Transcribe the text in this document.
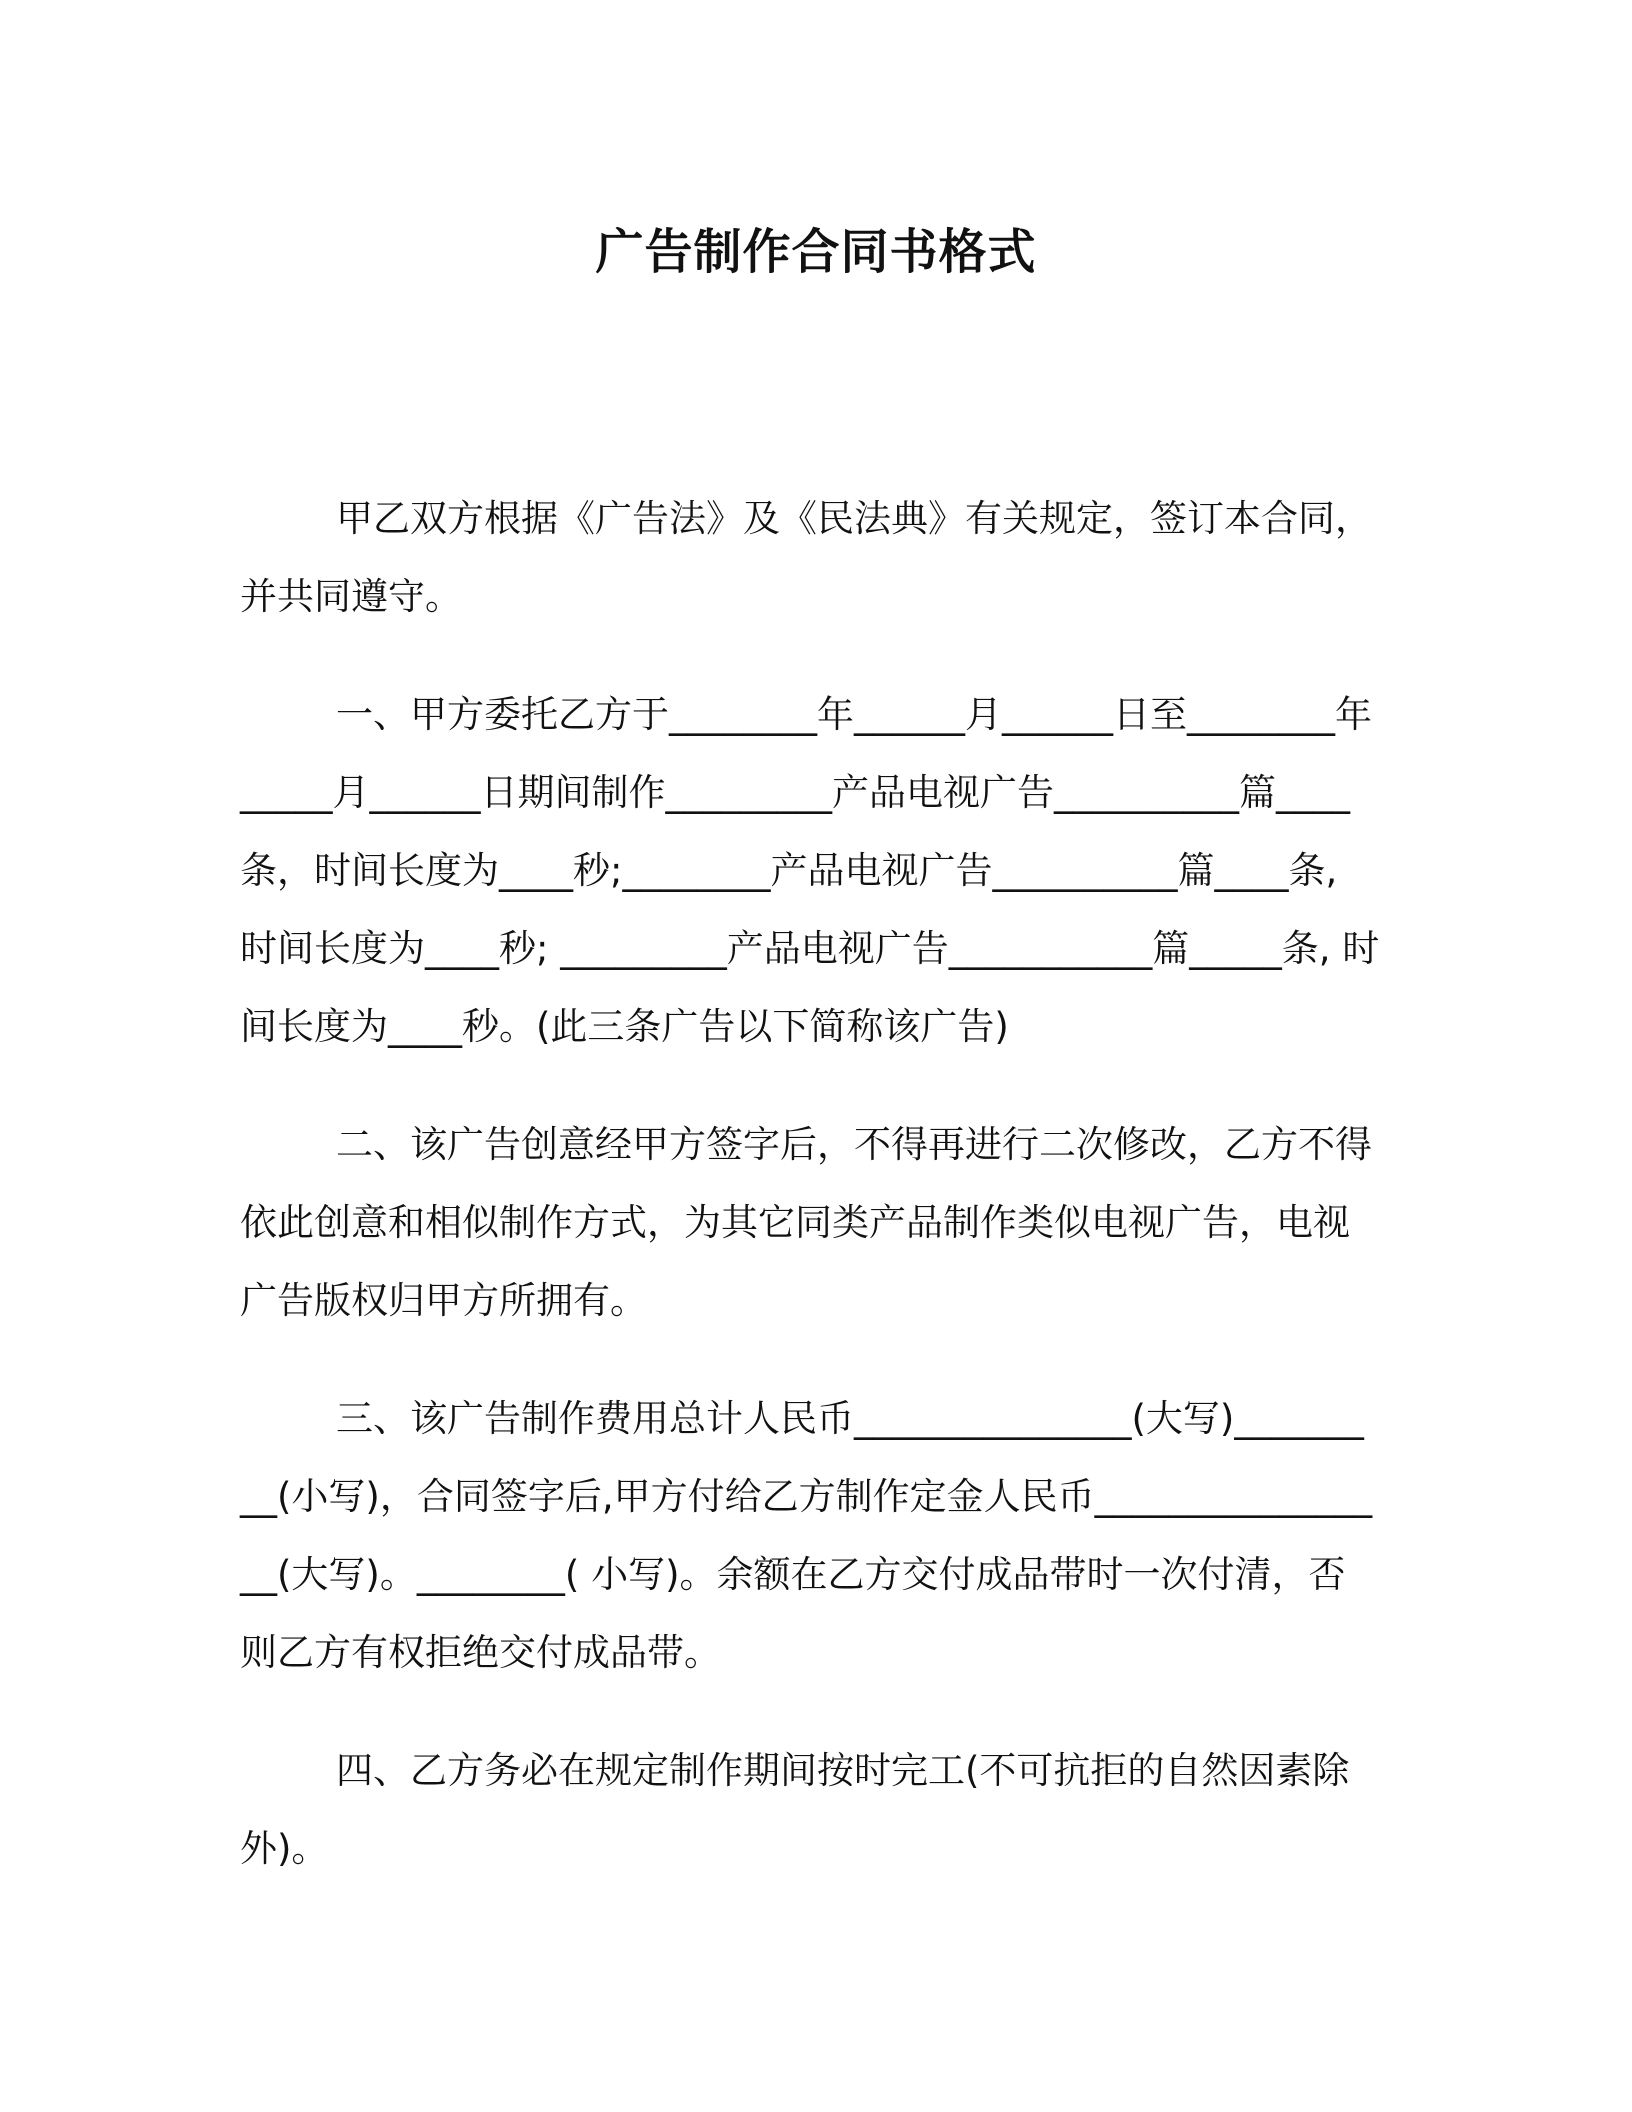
广告制作合同书格式

甲乙双方根据《广告法》及《民法典》有关规定，签订本合同，并共同遵守。

一、甲方委托乙方于________年______月______日至________年_____月______日期间制作_________产品电视广告__________篇____条，时间长度为____秒;________产品电视广告__________篇____条, 时间长度为____秒; _________产品电视广告___________篇_____条, 时间长度为____秒。(此三条广告以下简称该广告)

二、该广告创意经甲方签字后，不得再进行二次修改，乙方不得依此创意和相似制作方式，为其它同类产品制作类似电视广告，电视广告版权归甲方所拥有。

三、该广告制作费用总计人民币_______________(大写)_________(小写)，合同签字后,甲方付给乙方制作定金人民币_________________(大写)。________( 小写)。余额在乙方交付成品带时一次付清，否则乙方有权拒绝交付成品带。

四、乙方务必在规定制作期间按时完工(不可抗拒的自然因素除外)。
